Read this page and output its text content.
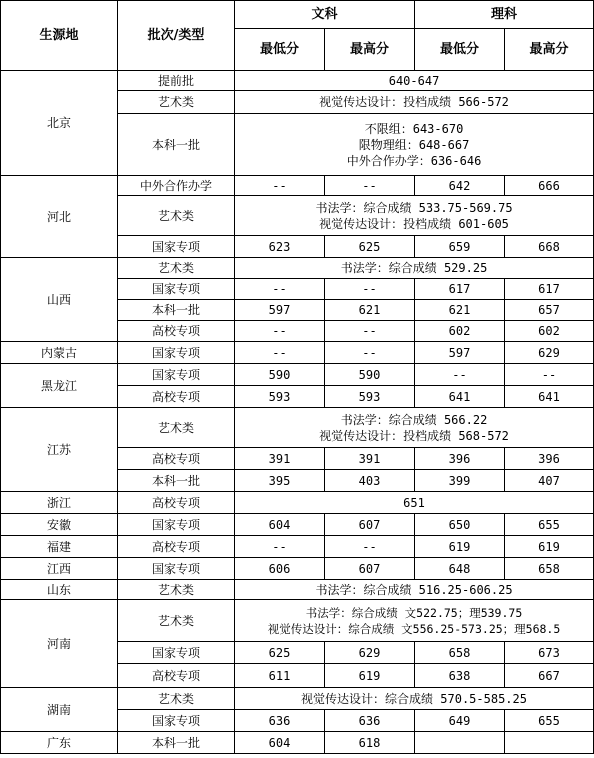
生源地	批次/类型	文科		理科	
		最低分	最高分	最低分	最高分
北京	提前批	640-647			
	艺术类	视觉传达设计：投档成绩 566-572			
	本科一批	不限组：643-670
限物理组：648-667
中外合作办学：636-646			

河北	中外合作办学	--	--	642	666
	艺术类	书法学：综合成绩 533.75-569.75
视觉传达设计：投档成绩 601-605			

	国家专项	623	625	659	668
山西	艺术类	书法学：综合成绩 529.25			
	国家专项	--	--	617	617
	本科一批	597	621	621	657
	高校专项	--	--	602	602
内蒙古	国家专项	--	--	597	629
黑龙江	国家专项	590	590	--	--
	高校专项	593	593	641	641
江苏	艺术类	书法学：综合成绩 566.22
视觉传达设计：投档成绩 568-572			

	高校专项	391	391	396	396
	本科一批	395	403	399	407
浙江	高校专项	651			
安徽	国家专项	604	607	650	655
福建	高校专项	--	--	619	619
江西	国家专项	606	607	648	658
山东	艺术类	书法学：综合成绩 516.25-606.25			
河南	艺术类	书法学：综合成绩 文522.75；理539.75
视觉传达设计：综合成绩 文556.25-573.25；理568.5			

	国家专项	625	629	658	673
	高校专项	611	619	638	667
湖南	艺术类	视觉传达设计：综合成绩 570.5-585.25			
	国家专项	636	636	649	655
广东	本科一批	604	618		
